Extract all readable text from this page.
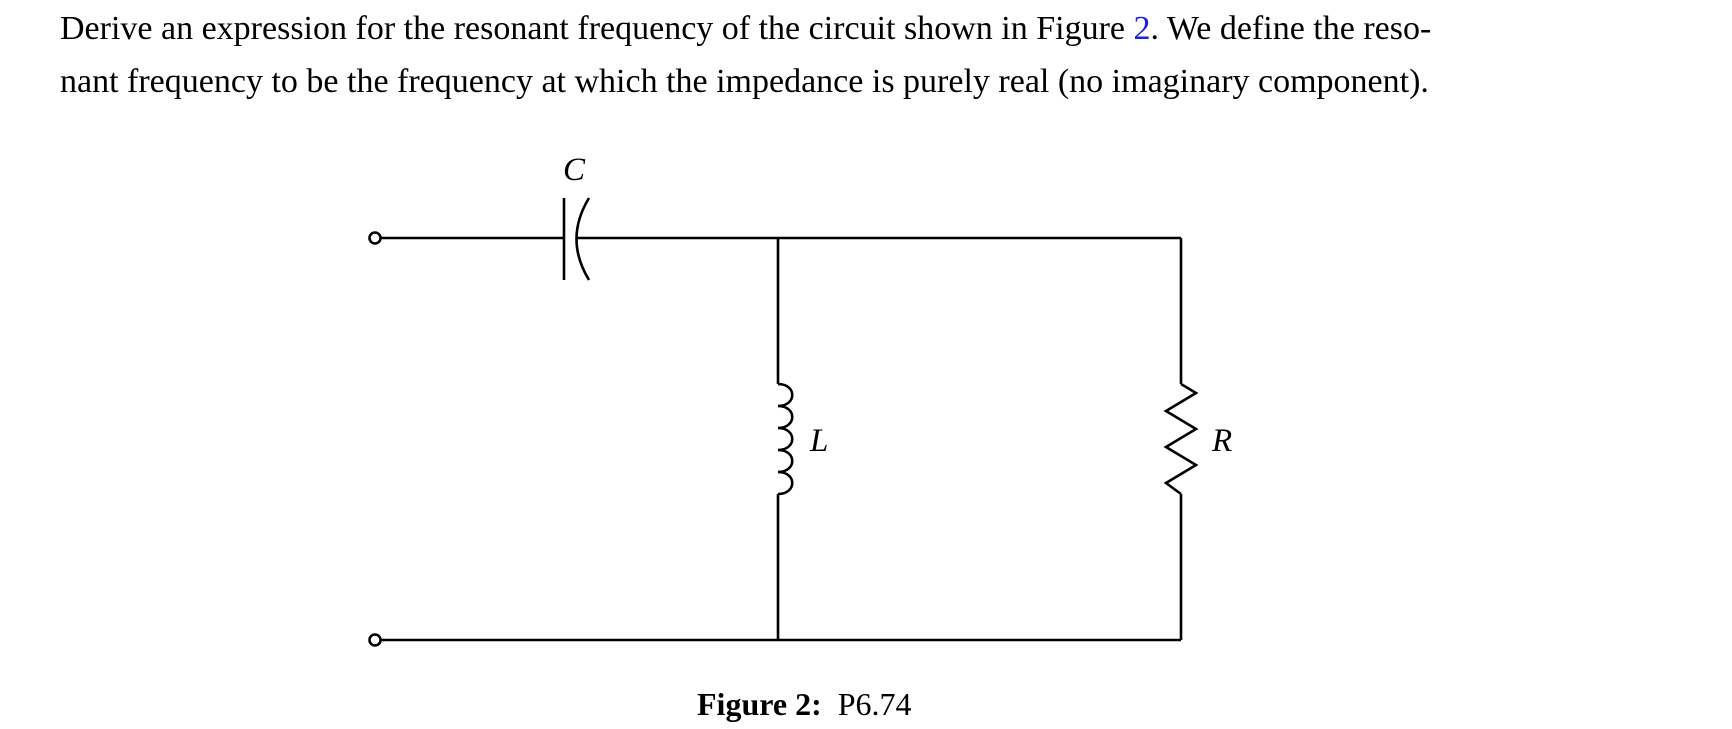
Derive an expression for the resonant frequency of the circuit shown in Figure 2. We define the reso-
nant frequency to be the frequency at which the impedance is purely real (no imaginary component).

C
L	R
Figure 2: P6.74
